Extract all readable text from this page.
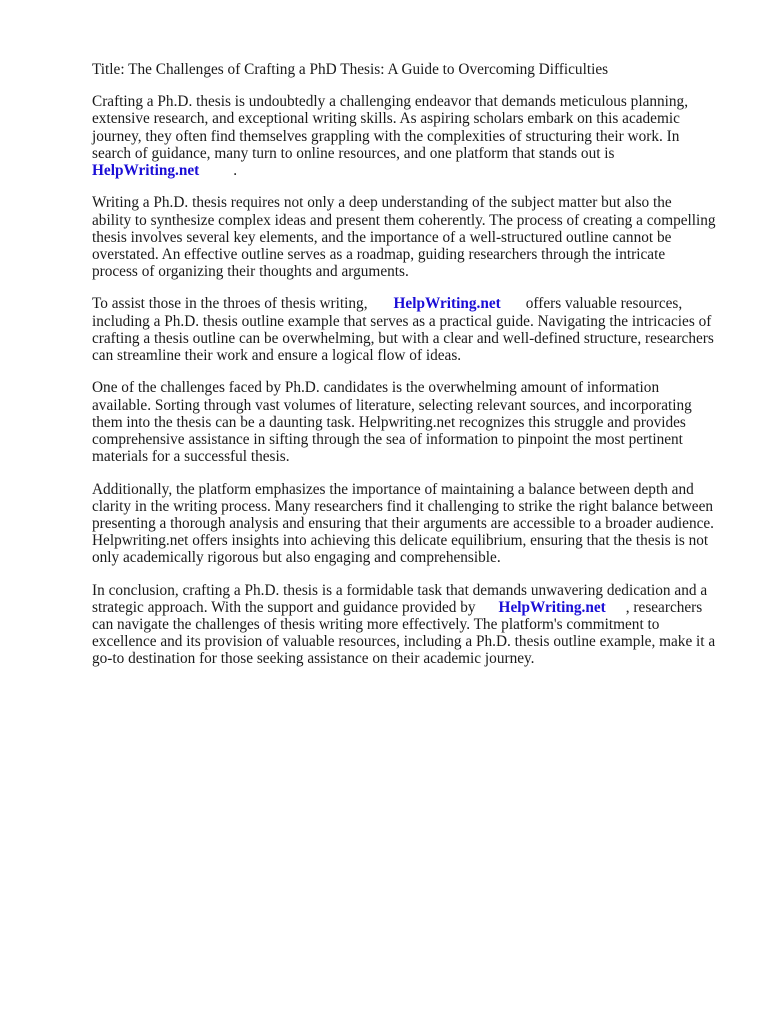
Title: The Challenges of Crafting a PhD Thesis: A Guide to Overcoming Difficulties
Crafting a Ph.D. thesis is undoubtedly a challenging endeavor that demands meticulous planning,
extensive research, and exceptional writing skills. As aspiring scholars embark on this academic
journey, they often find themselves grappling with the complexities of structuring their work. In
search of guidance, many turn to online resources, and one platform that stands out is
HelpWriting.net .
Writing a Ph.D. thesis requires not only a deep understanding of the subject matter but also the
ability to synthesize complex ideas and present them coherently. The process of creating a compelling
thesis involves several key elements, and the importance of a well-structured outline cannot be
overstated. An effective outline serves as a roadmap, guiding researchers through the intricate
process of organizing their thoughts and arguments.
To assist those in the throes of thesis writing, HelpWriting.net offers valuable resources,
including a Ph.D. thesis outline example that serves as a practical guide. Navigating the intricacies of
crafting a thesis outline can be overwhelming, but with a clear and well-defined structure, researchers
can streamline their work and ensure a logical flow of ideas.
One of the challenges faced by Ph.D. candidates is the overwhelming amount of information
available. Sorting through vast volumes of literature, selecting relevant sources, and incorporating
them into the thesis can be a daunting task. Helpwriting.net recognizes this struggle and provides
comprehensive assistance in sifting through the sea of information to pinpoint the most pertinent
materials for a successful thesis.
Additionally, the platform emphasizes the importance of maintaining a balance between depth and
clarity in the writing process. Many researchers find it challenging to strike the right balance between
presenting a thorough analysis and ensuring that their arguments are accessible to a broader audience.
Helpwriting.net offers insights into achieving this delicate equilibrium, ensuring that the thesis is not
only academically rigorous but also engaging and comprehensible.
In conclusion, crafting a Ph.D. thesis is a formidable task that demands unwavering dedication and a
strategic approach. With the support and guidance provided by HelpWriting.net , researchers
can navigate the challenges of thesis writing more effectively. The platform's commitment to
excellence and its provision of valuable resources, including a Ph.D. thesis outline example, make it a
go-to destination for those seeking assistance on their academic journey.
